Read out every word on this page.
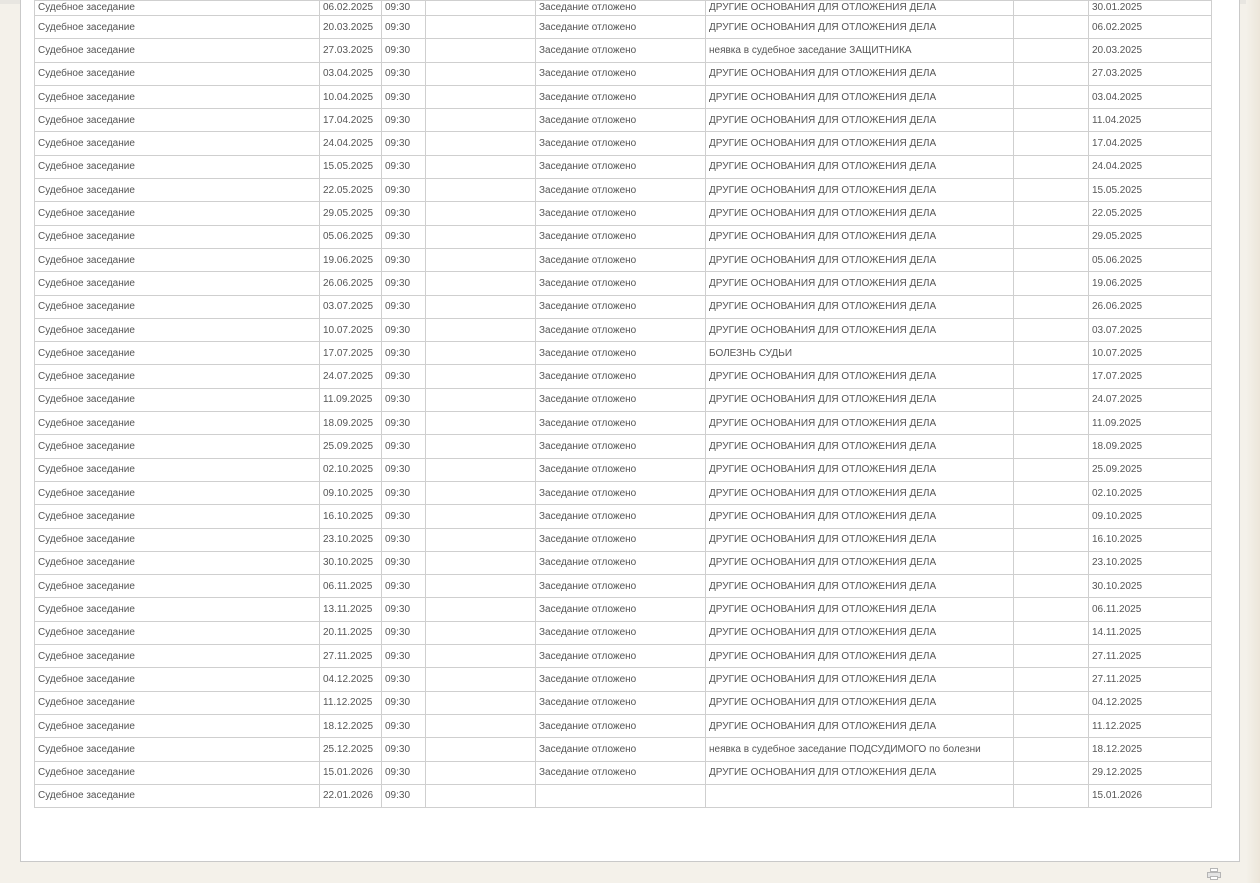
Судебное заседание	06.02.2025	09:30		Заседание отложено	ДРУГИЕ ОСНОВАНИЯ ДЛЯ ОТЛОЖЕНИЯ ДЕЛА		30.01.2025
Судебное заседание	20.03.2025	09:30		Заседание отложено	ДРУГИЕ ОСНОВАНИЯ ДЛЯ ОТЛОЖЕНИЯ ДЕЛА		06.02.2025
Судебное заседание	27.03.2025	09:30		Заседание отложено	неявка в судебное заседание ЗАЩИТНИКА		20.03.2025
Судебное заседание	03.04.2025	09:30		Заседание отложено	ДРУГИЕ ОСНОВАНИЯ ДЛЯ ОТЛОЖЕНИЯ ДЕЛА		27.03.2025
Судебное заседание	10.04.2025	09:30		Заседание отложено	ДРУГИЕ ОСНОВАНИЯ ДЛЯ ОТЛОЖЕНИЯ ДЕЛА		03.04.2025
Судебное заседание	17.04.2025	09:30		Заседание отложено	ДРУГИЕ ОСНОВАНИЯ ДЛЯ ОТЛОЖЕНИЯ ДЕЛА		11.04.2025
Судебное заседание	24.04.2025	09:30		Заседание отложено	ДРУГИЕ ОСНОВАНИЯ ДЛЯ ОТЛОЖЕНИЯ ДЕЛА		17.04.2025
Судебное заседание	15.05.2025	09:30		Заседание отложено	ДРУГИЕ ОСНОВАНИЯ ДЛЯ ОТЛОЖЕНИЯ ДЕЛА		24.04.2025
Судебное заседание	22.05.2025	09:30		Заседание отложено	ДРУГИЕ ОСНОВАНИЯ ДЛЯ ОТЛОЖЕНИЯ ДЕЛА		15.05.2025
Судебное заседание	29.05.2025	09:30		Заседание отложено	ДРУГИЕ ОСНОВАНИЯ ДЛЯ ОТЛОЖЕНИЯ ДЕЛА		22.05.2025
Судебное заседание	05.06.2025	09:30		Заседание отложено	ДРУГИЕ ОСНОВАНИЯ ДЛЯ ОТЛОЖЕНИЯ ДЕЛА		29.05.2025
Судебное заседание	19.06.2025	09:30		Заседание отложено	ДРУГИЕ ОСНОВАНИЯ ДЛЯ ОТЛОЖЕНИЯ ДЕЛА		05.06.2025
Судебное заседание	26.06.2025	09:30		Заседание отложено	ДРУГИЕ ОСНОВАНИЯ ДЛЯ ОТЛОЖЕНИЯ ДЕЛА		19.06.2025
Судебное заседание	03.07.2025	09:30		Заседание отложено	ДРУГИЕ ОСНОВАНИЯ ДЛЯ ОТЛОЖЕНИЯ ДЕЛА		26.06.2025
Судебное заседание	10.07.2025	09:30		Заседание отложено	ДРУГИЕ ОСНОВАНИЯ ДЛЯ ОТЛОЖЕНИЯ ДЕЛА		03.07.2025
Судебное заседание	17.07.2025	09:30		Заседание отложено	БОЛЕЗНЬ СУДЬИ		10.07.2025
Судебное заседание	24.07.2025	09:30		Заседание отложено	ДРУГИЕ ОСНОВАНИЯ ДЛЯ ОТЛОЖЕНИЯ ДЕЛА		17.07.2025
Судебное заседание	11.09.2025	09:30		Заседание отложено	ДРУГИЕ ОСНОВАНИЯ ДЛЯ ОТЛОЖЕНИЯ ДЕЛА		24.07.2025
Судебное заседание	18.09.2025	09:30		Заседание отложено	ДРУГИЕ ОСНОВАНИЯ ДЛЯ ОТЛОЖЕНИЯ ДЕЛА		11.09.2025
Судебное заседание	25.09.2025	09:30		Заседание отложено	ДРУГИЕ ОСНОВАНИЯ ДЛЯ ОТЛОЖЕНИЯ ДЕЛА		18.09.2025
Судебное заседание	02.10.2025	09:30		Заседание отложено	ДРУГИЕ ОСНОВАНИЯ ДЛЯ ОТЛОЖЕНИЯ ДЕЛА		25.09.2025
Судебное заседание	09.10.2025	09:30		Заседание отложено	ДРУГИЕ ОСНОВАНИЯ ДЛЯ ОТЛОЖЕНИЯ ДЕЛА		02.10.2025
Судебное заседание	16.10.2025	09:30		Заседание отложено	ДРУГИЕ ОСНОВАНИЯ ДЛЯ ОТЛОЖЕНИЯ ДЕЛА		09.10.2025
Судебное заседание	23.10.2025	09:30		Заседание отложено	ДРУГИЕ ОСНОВАНИЯ ДЛЯ ОТЛОЖЕНИЯ ДЕЛА		16.10.2025
Судебное заседание	30.10.2025	09:30		Заседание отложено	ДРУГИЕ ОСНОВАНИЯ ДЛЯ ОТЛОЖЕНИЯ ДЕЛА		23.10.2025
Судебное заседание	06.11.2025	09:30		Заседание отложено	ДРУГИЕ ОСНОВАНИЯ ДЛЯ ОТЛОЖЕНИЯ ДЕЛА		30.10.2025
Судебное заседание	13.11.2025	09:30		Заседание отложено	ДРУГИЕ ОСНОВАНИЯ ДЛЯ ОТЛОЖЕНИЯ ДЕЛА		06.11.2025
Судебное заседание	20.11.2025	09:30		Заседание отложено	ДРУГИЕ ОСНОВАНИЯ ДЛЯ ОТЛОЖЕНИЯ ДЕЛА		14.11.2025
Судебное заседание	27.11.2025	09:30		Заседание отложено	ДРУГИЕ ОСНОВАНИЯ ДЛЯ ОТЛОЖЕНИЯ ДЕЛА		27.11.2025
Судебное заседание	04.12.2025	09:30		Заседание отложено	ДРУГИЕ ОСНОВАНИЯ ДЛЯ ОТЛОЖЕНИЯ ДЕЛА		27.11.2025
Судебное заседание	11.12.2025	09:30		Заседание отложено	ДРУГИЕ ОСНОВАНИЯ ДЛЯ ОТЛОЖЕНИЯ ДЕЛА		04.12.2025
Судебное заседание	18.12.2025	09:30		Заседание отложено	ДРУГИЕ ОСНОВАНИЯ ДЛЯ ОТЛОЖЕНИЯ ДЕЛА		11.12.2025
Судебное заседание	25.12.2025	09:30		Заседание отложено	неявка в судебное заседание ПОДСУДИМОГО по болезни		18.12.2025
Судебное заседание	15.01.2026	09:30		Заседание отложено	ДРУГИЕ ОСНОВАНИЯ ДЛЯ ОТЛОЖЕНИЯ ДЕЛА		29.12.2025
Судебное заседание	22.01.2026	09:30					15.01.2026
